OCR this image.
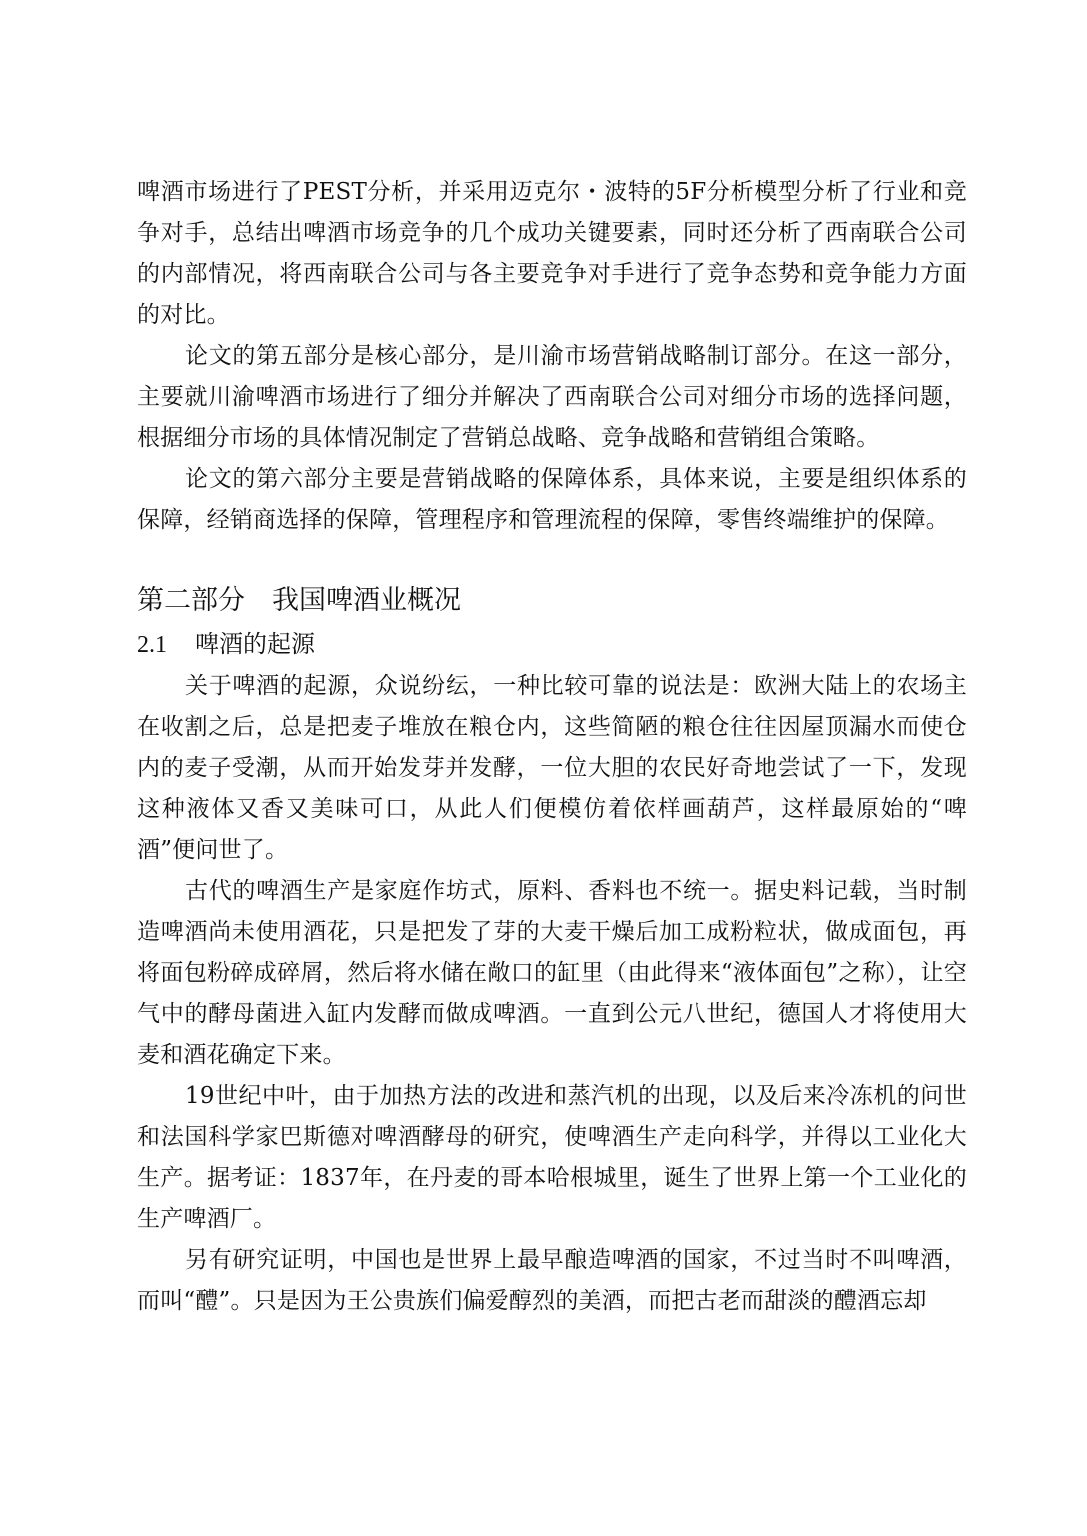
啤酒市场进行了PEST分析，并采用迈克尔・波特的5F分析模型分析了行业和竞争对手，总结出啤酒市场竞争的几个成功关键要素，同时还分析了西南联合公司的内部情况，将西南联合公司与各主要竞争对手进行了竞争态势和竞争能力方面的对比。

论文的第五部分是核心部分，是川渝市场营销战略制订部分。在这一部分，主要就川渝啤酒市场进行了细分并解决了西南联合公司对细分市场的选择问题，根据细分市场的具体情况制定了营销总战略、竞争战略和营销组合策略。

论文的第六部分主要是营销战略的保障体系，具体来说，主要是组织体系的保障，经销商选择的保障，管理程序和管理流程的保障，零售终端维护的保障。

第二部分　我国啤酒业概况
2.1 啤酒的起源

关于啤酒的起源，众说纷纭，一种比较可靠的说法是：欧洲大陆上的农场主在收割之后，总是把麦子堆放在粮仓内，这些简陋的粮仓往往因屋顶漏水而使仓内的麦子受潮，从而开始发芽并发酵，一位大胆的农民好奇地尝试了一下，发现这种液体又香又美味可口，从此人们便模仿着依样画葫芦，这样最原始的“啤酒”便问世了。

古代的啤酒生产是家庭作坊式，原料、香料也不统一。据史料记载，当时制造啤酒尚未使用酒花，只是把发了芽的大麦干燥后加工成粉粒状，做成面包，再将面包粉碎成碎屑，然后将水储在敞口的缸里（由此得来“液体面包”之称），让空气中的酵母菌进入缸内发酵而做成啤酒。一直到公元八世纪，德国人才将使用大麦和酒花确定下来。

19世纪中叶，由于加热方法的改进和蒸汽机的出现，以及后来冷冻机的问世和法国科学家巴斯德对啤酒酵母的研究，使啤酒生产走向科学，并得以工业化大生产。据考证：1837年，在丹麦的哥本哈根城里，诞生了世界上第一个工业化的生产啤酒厂。

另有研究证明，中国也是世界上最早酿造啤酒的国家，不过当时不叫啤酒，而叫“醴”。只是因为王公贵族们偏爱醇烈的美酒，而把古老而甜淡的醴酒忘却
